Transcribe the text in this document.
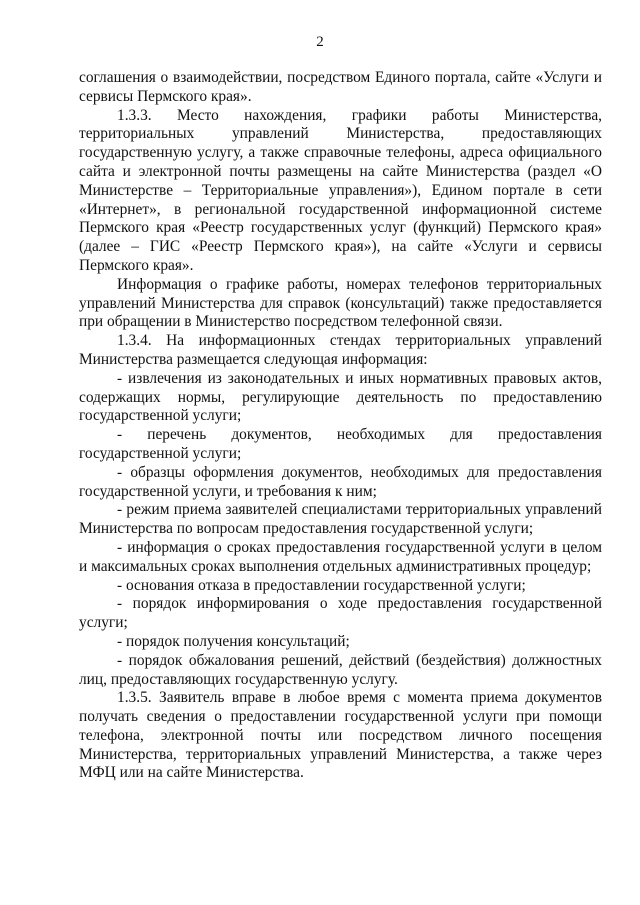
2

соглашения о взаимодействии, посредством Единого портала, сайте «Услуги и сервисы Пермского края».

1.3.3. Место нахождения, графики работы Министерства, территориальных управлений Министерства, предоставляющих государственную услугу, а также справочные телефоны, адреса официального сайта и электронной почты размещены на сайте Министерства (раздел «О Министерстве – Территориальные управления»), Едином портале в сети «Интернет», в региональной государственной информационной системе Пермского края «Реестр государственных услуг (функций) Пермского края» (далее – ГИС «Реестр Пермского края»), на сайте «Услуги и сервисы Пермского края».

Информация о графике работы, номерах телефонов территориальных управлений Министерства для справок (консультаций) также предоставляется при обращении в Министерство посредством телефонной связи.

1.3.4. На информационных стендах территориальных управлений Министерства размещается следующая информация:

- извлечения из законодательных и иных нормативных правовых актов, содержащих нормы, регулирующие деятельность по предоставлению государственной услуги;

- перечень документов, необходимых для предоставления государственной услуги;

- образцы оформления документов, необходимых для предоставления государственной услуги, и требования к ним;

- режим приема заявителей специалистами территориальных управлений Министерства по вопросам предоставления государственной услуги;

- информация о сроках предоставления государственной услуги в целом и максимальных сроках выполнения отдельных административных процедур;

- основания отказа в предоставлении государственной услуги;

- порядок информирования о ходе предоставления государственной услуги;

- порядок получения консультаций;

- порядок обжалования решений, действий (бездействия) должностных лиц, предоставляющих государственную услугу.

1.3.5. Заявитель вправе в любое время с момента приема документов получать сведения о предоставлении государственной услуги при помощи телефона, электронной почты или посредством личного посещения Министерства, территориальных управлений Министерства, а также через МФЦ или на сайте Министерства.
